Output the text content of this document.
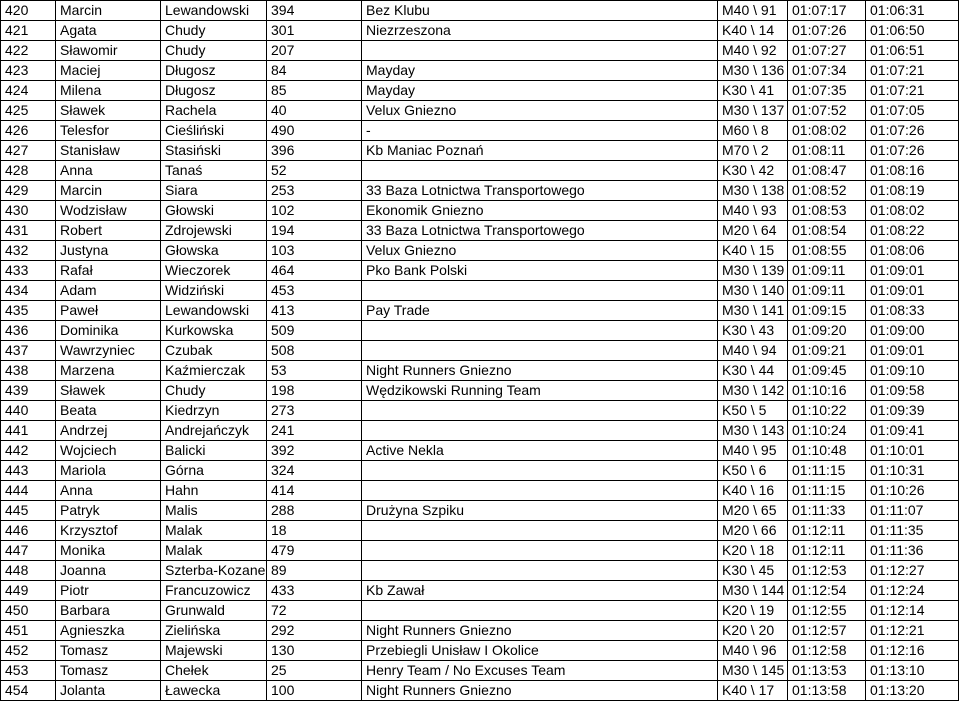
420	Marcin	Lewandowski	394	Bez Klubu	M40 \ 91	01:07:17	01:06:31
421	Agata	Chudy	301	Niezrzeszona	K40 \ 14	01:07:26	01:06:50
422	Sławomir	Chudy	207		M40 \ 92	01:07:27	01:06:51
423	Maciej	Długosz	84	Mayday	M30 \ 136	01:07:34	01:07:21
424	Milena	Długosz	85	Mayday	K30 \ 41	01:07:35	01:07:21
425	Sławek	Rachela	40	Velux Gniezno	M30 \ 137	01:07:52	01:07:05
426	Telesfor	Cieśliński	490	-	M60 \ 8	01:08:02	01:07:26
427	Stanisław	Stasiński	396	Kb Maniac Poznań	M70 \ 2	01:08:11	01:07:26
428	Anna	Tanaś	52		K30 \ 42	01:08:47	01:08:16
429	Marcin	Siara	253	33 Baza Lotnictwa Transportowego	M30 \ 138	01:08:52	01:08:19
430	Wodzisław	Głowski	102	Ekonomik Gniezno	M40 \ 93	01:08:53	01:08:02
431	Robert	Zdrojewski	194	33 Baza Lotnictwa Transportowego	M20 \ 64	01:08:54	01:08:22
432	Justyna	Głowska	103	Velux Gniezno	K40 \ 15	01:08:55	01:08:06
433	Rafał	Wieczorek	464	Pko Bank Polski	M30 \ 139	01:09:11	01:09:01
434	Adam	Widziński	453		M30 \ 140	01:09:11	01:09:01
435	Paweł	Lewandowski	413	Pay Trade	M30 \ 141	01:09:15	01:08:33
436	Dominika	Kurkowska	509		K30 \ 43	01:09:20	01:09:00
437	Wawrzyniec	Czubak	508		M40 \ 94	01:09:21	01:09:01
438	Marzena	Kaźmierczak	53	Night Runners Gniezno	K30 \ 44	01:09:45	01:09:10
439	Sławek	Chudy	198	Wędzikowski Running Team	M30 \ 142	01:10:16	01:09:58
440	Beata	Kiedrzyn	273		K50 \ 5	01:10:22	01:09:39
441	Andrzej	Andrejańczyk	241		M30 \ 143	01:10:24	01:09:41
442	Wojciech	Balicki	392	Active Nekla	M40 \ 95	01:10:48	01:10:01
443	Mariola	Górna	324		K50 \ 6	01:11:15	01:10:31
444	Anna	Hahn	414		K40 \ 16	01:11:15	01:10:26
445	Patryk	Malis	288	Drużyna Szpiku	M20 \ 65	01:11:33	01:11:07
446	Krzysztof	Malak	18		M20 \ 66	01:12:11	01:11:35
447	Monika	Malak	479		K20 \ 18	01:12:11	01:11:36
448	Joanna	Szterba-Kozane	89		K30 \ 45	01:12:53	01:12:27
449	Piotr	Francuzowicz	433	Kb Zawał	M30 \ 144	01:12:54	01:12:24
450	Barbara	Grunwald	72		K20 \ 19	01:12:55	01:12:14
451	Agnieszka	Zielińska	292	Night Runners Gniezno	K20 \ 20	01:12:57	01:12:21
452	Tomasz	Majewski	130	Przebiegli Unisław I Okolice	M40 \ 96	01:12:58	01:12:16
453	Tomasz	Chełek	25	Henry Team / No Excuses Team	M30 \ 145	01:13:53	01:13:10
454	Jolanta	Ławecka	100	Night Runners Gniezno	K40 \ 17	01:13:58	01:13:20
